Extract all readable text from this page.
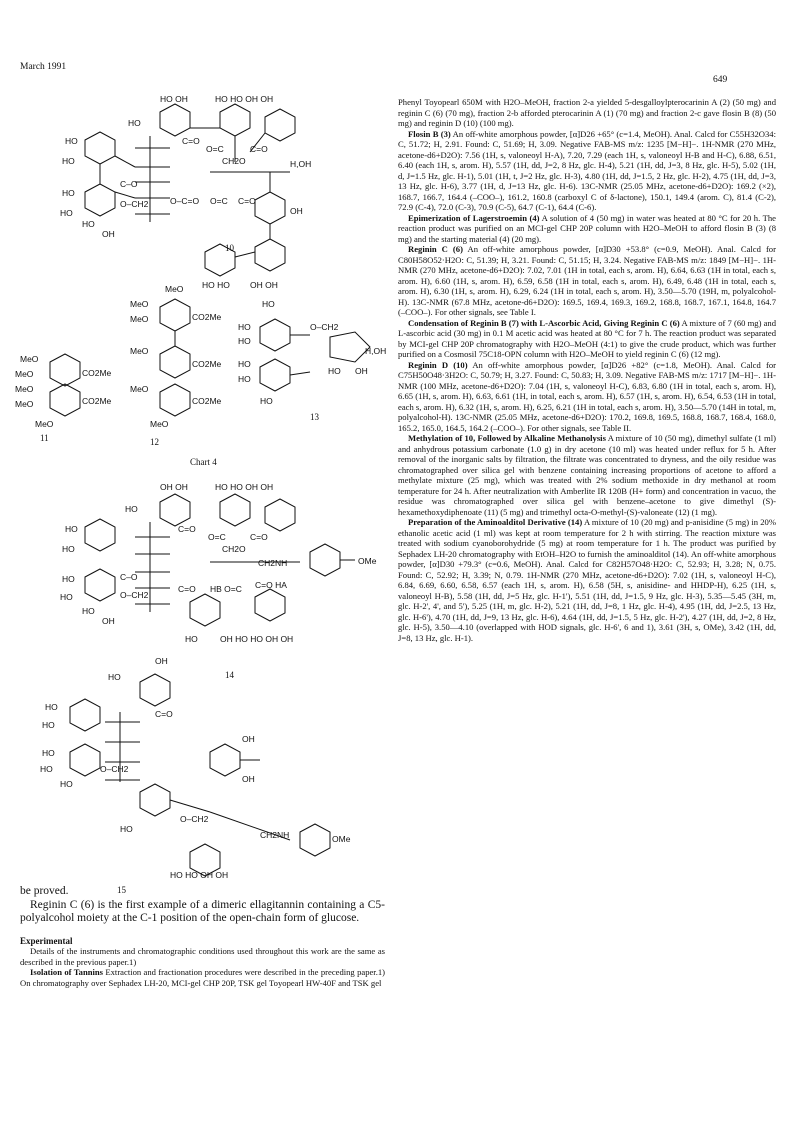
March 1991
649
HO OH	HO HO OH OH
HO
HO
HO
HO
HO
HO
OH
C=O
O=C	C=O
CH2O	H,OH
C–O
O–CH2	O–C=O O=C C=O
OH
HO HO OH OH
MeO
MeO	CO2Me
CO2Me
MeO
MeO
MeO
MeO
MeO
MeO	CO2Me
MeO
CO2Me
MeO
CO2Me
MeO
HO
HO
HO
HO
HO
HO
O–CH2
H,OH
HO OH
OH OH	HO HO OH OH
HO
HO
HO
HO
HO
HO
OH
C=O
O=C	C=O
CH2O
CH2NH	OMe
C–O
O–CH2
C=O HB O=C C=O HA
HO	OH HO HO OH OH
OH
HO
HO
HO
HO
HO
HO
C=O
O–CH2
OH
OH
O–CH2
CH2NH	OMe
HO
HO HO OH OH
10
11	12
13
Chart 4
14
15

be proved.

Reginin C (6) is the first example of a dimeric ellagitannin containing a C5-polyalcohol moiety at the C-1 position of the open-chain form of glucose.

Experimental

Details of the instruments and chromatographic conditions used throughout this work are the same as described in the previous paper.1)

Isolation of Tannins Extraction and fractionation procedures were described in the preceding paper.1) On chromatography over Sephadex LH-20, MCI-gel CHP 20P, TSK gel Toyopearl HW-40F and TSK gel

Phenyl Toyopearl 650M with H2O–MeOH, fraction 2-a yielded 5-desgalloylpterocarinin A (2) (50 mg) and reginin C (6) (70 mg), fraction 2-b afforded pterocarinin A (1) (70 mg) and fraction 2-c gave flosin B (8) (50 mg) and reginin D (10) (100 mg).

Flosin B (3) An off-white amorphous powder, [α]D26 +65° (c=1.4, MeOH). Anal. Calcd for C55H32O34: C, 51.72; H, 2.91. Found: C, 51.69; H, 3.09. Negative FAB-MS m/z: 1235 [M−H]−. 1H-NMR (270 MHz, acetone-d6+D2O): 7.56 (1H, s, valoneoyl H-A), 7.20, 7.29 (each 1H, s, valoneoyl H-B and H-C), 6.88, 6.51, 6.40 (each 1H, s, arom. H), 5.57 (1H, dd, J=2, 8 Hz, glc. H-4), 5.21 (1H, dd, J=3, 8 Hz, glc. H-5), 5.02 (1H, d, J=1.5 Hz, glc. H-1), 5.01 (1H, t, J=2 Hz, glc. H-3), 4.80 (1H, dd, J=1.5, 2 Hz, glc. H-2), 4.75 (1H, dd, J=3, 13 Hz, glc. H-6), 3.77 (1H, d, J=13 Hz, glc. H-6). 13C-NMR (25.05 MHz, acetone-d6+D2O): 169.2 (×2), 168.7, 166.7, 164.4 (–COO–), 161.2, 160.8 (carboxyl C of δ-lactone), 150.1, 149.4 (arom. C), 81.4 (C-2), 72.9 (C-4), 72.0 (C-3), 70.9 (C-5), 64.7 (C-1), 64.4 (C-6).

Epimerization of Lagerstroemin (4) A solution of 4 (50 mg) in water was heated at 80 °C for 20 h. The reaction product was purified on an MCI-gel CHP 20P column with H2O–MeOH to afford flosin B (3) (8 mg) and the starting material (4) (20 mg).

Reginin C (6) An off-white amorphous powder, [α]D30 +53.8° (c=0.9, MeOH). Anal. Calcd for C80H58O52·H2O: C, 51.39; H, 3.21. Found: C, 51.15; H, 3.24. Negative FAB-MS m/z: 1849 [M−H]−. 1H-NMR (270 MHz, acetone-d6+D2O): 7.02, 7.01 (1H in total, each s, arom. H), 6.64, 6.63 (1H in total, each s, arom. H), 6.60 (1H, s, arom. H), 6.59, 6.58 (1H in total, each s, arom. H), 6.49, 6.48 (1H in total, each s, arom. H), 6.30 (1H, s, arom. H), 6.29, 6.24 (1H in total, each s, arom. H), 3.50—5.70 (19H, m, polyalcohol-H). 13C-NMR (67.8 MHz, acetone-d6+D2O): 169.5, 169.4, 169.3, 169.2, 168.8, 168.7, 167.1, 164.8, 164.7 (–COO–). For other signals, see Table I.

Condensation of Reginin B (7) with L-Ascorbic Acid, Giving Reginin C (6) A mixture of 7 (60 mg) and L-ascorbic acid (30 mg) in 0.1 M acetic acid was heated at 80 °C for 7 h. The reaction product was separated by MCI-gel CHP 20P chromatography with H2O–MeOH (4:1) to give the crude product, which was further purified on a Cosmosil 75C18-OPN column with H2O–MeOH to yield reginin C (6) (12 mg).

Reginin D (10) An off-white amorphous powder, [α]D26 +82° (c=1.8, MeOH). Anal. Calcd for C75H50O48·3H2O: C, 50.79; H, 3.27. Found: C, 50.83; H, 3.09. Negative FAB-MS m/z: 1717 [M−H]−. 1H-NMR (100 MHz, acetone-d6+D2O): 7.04 (1H, s, valoneoyl H-C), 6.83, 6.80 (1H in total, each s, arom. H), 6.65 (1H, s, arom. H), 6.63, 6.61 (1H, in total, each s, arom. H), 6.57 (1H, s, arom. H), 6.54, 6.53 (1H in total, each s, arom. H), 6.32 (1H, s, arom. H), 6.25, 6.21 (1H in total, each s, arom. H), 3.50—5.70 (14H in total, m, polyalcohol-H). 13C-NMR (25.05 MHz, acetone-d6+D2O): 170.2, 169.8, 169.5, 168.8, 168.7, 168.4, 168.0, 165.2, 165.0, 164.5, 164.2 (–COO–). For other signals, see Table II.

Methylation of 10, Followed by Alkaline Methanolysis A mixture of 10 (50 mg), dimethyl sulfate (1 ml) and anhydrous potassium carbonate (1.0 g) in dry acetone (10 ml) was heated under reflux for 5 h. After removal of the inorganic salts by filtration, the filtrate was concentrated to dryness, and the oily residue was chromatographed over silica gel with benzene containing increasing proportions of acetone to afford a methylate mixture (25 mg), which was treated with 2% sodium methoxide in dry methanol at room temperature for 24 h. After neutralization with Amberlite IR 120B (H+ form) and concentration in vacuo, the residue was chromatographed over silica gel with benzene–acetone to give dimethyl (S)-hexamethoxydiphenoate (11) (5 mg) and trimethyl octa-O-methyl-(S)-valoneate (12) (1 mg).

Preparation of the Aminoalditol Derivative (14) A mixture of 10 (20 mg) and p-anisidine (5 mg) in 20% ethanolic acetic acid (1 ml) was kept at room temperature for 2 h with stirring. The reaction mixture was treated with sodium cyanoborohydride (5 mg) at room temperature for 1 h. The product was purified by Sephadex LH-20 chromatography with EtOH–H2O to furnish the aminoalditol (14). An off-white amorphous powder, [α]D30 +79.3° (c=0.6, MeOH). Anal. Calcd for C82H57O48·H2O: C, 52.93; H, 3.28; N, 0.75. Found: C, 52.92; H, 3.39; N, 0.79. 1H-NMR (270 MHz, acetone-d6+D2O): 7.02 (1H, s, valoneoyl H-C), 6.84, 6.69, 6.60, 6.58, 6.57 (each 1H, s, arom. H), 6.58 (5H, s, anisidine- and HHDP-H), 6.25 (1H, s, valoneoyl H-B), 5.58 (1H, dd, J=5 Hz, glc. H-1'), 5.51 (1H, dd, J=1.5, 9 Hz, glc. H-3), 5.35—5.45 (3H, m, glc. H-2', 4', and 5'), 5.25 (1H, m, glc. H-2), 5.21 (1H, dd, J=8, 1 Hz, glc. H-4), 4.95 (1H, dd, J=2.5, 13 Hz, glc. H-6'), 4.70 (1H, dd, J=9, 13 Hz, glc. H-6), 4.64 (1H, dd, J=1.5, 5 Hz, glc. H-2'), 4.27 (1H, dd, J=2, 8 Hz, glc. H-5), 3.50—4.10 (overlapped with HOD signals, glc. H-6', 6 and 1), 3.61 (3H, s, OMe), 3.42 (1H, dd, J=8, 13 Hz, glc. H-1).
